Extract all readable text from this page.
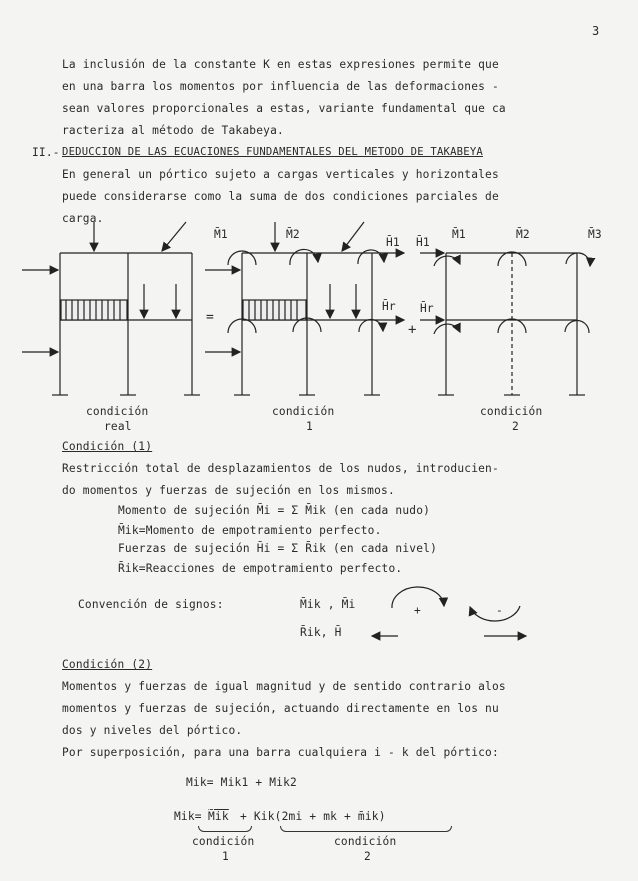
3
La inclusión de la constante K en estas expresiones permite que
en una barra los momentos por influencia de las deformaciones -
sean valores proporcionales a estas, variante fundamental que ca
racteriza al método de Takabeya.
II.- DEDUCCION DE LAS ECUACIONES FUNDAMENTALES DEL METODO DE TAKABEYA
En general un pórtico sujeto a cargas verticales y horizontales
puede considerarse como la suma de dos condiciones parciales de
carga.
M̄1	M̄2
H̄1
H̄r
H̄1
M̄1	M̄2	M̄3
H̄r
=
+
condición
real
condición
1
condición
2
Condición (1)
Restricción total de desplazamientos de los nudos, introducien-
do momentos y fuerzas de sujeción en los mismos.
Momento de sujeción M̄i = Σ M̄ik (en cada nudo)
M̄ik=Momento de empotramiento perfecto.
Fuerzas de sujeción H̄i = Σ R̄ik (en cada nivel)
R̄ik=Reacciones de empotramiento perfecto.
Convención de signos:	M̄ik , M̄i
R̄ik, H̄
+	-
Condición (2)
Momentos y fuerzas de igual magnitud y de sentido contrario alos
momentos y fuerzas de sujeción, actuando directamente en los nu
dos y niveles del pórtico.
Por superposición, para una barra cualquiera i - k del pórtico:
Mik= Mik1 + Mik2
Mik= M̄ik + Kik(2mi + mk + m̄ik)
condición
1
condición
2
